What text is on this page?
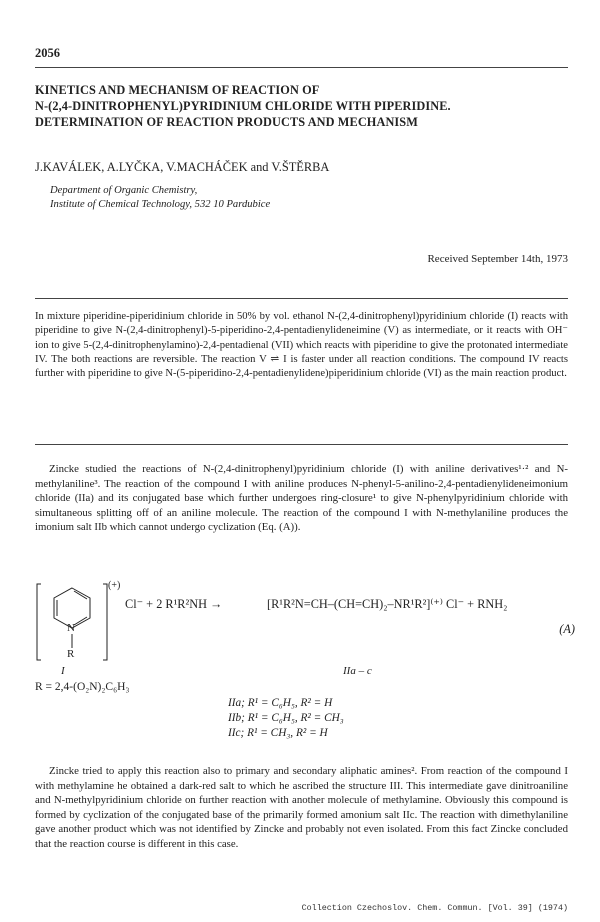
2056
KINETICS AND MECHANISM OF REACTION OF
N-(2,4-DINITROPHENYL)PYRIDINIUM CHLORIDE WITH PIPERIDINE.
DETERMINATION OF REACTION PRODUCTS AND MECHANISM
J.KAVÁLEK, A.LYČKA, V.MACHÁČEK and V.ŠTĚRBA
Department of Organic Chemistry,
Institute of Chemical Technology, 532 10 Pardubice
Received September 14th, 1973
In mixture piperidine-piperidinium chloride in 50% by vol. ethanol N-(2,4-dinitrophenyl)pyridinium chloride (I) reacts with piperidine to give N-(2,4-dinitrophenyl)-5-piperidino-2,4-pentadienylideneimine (V) as intermediate, or it reacts with OH⁻ ion to give 5-(2,4-dinitrophenylamino)-2,4-pentadienal (VII) which reacts with piperidine to give the protonated intermediate IV. The both reactions are reversible. The reaction V ⇌ I is faster under all reaction conditions. The compound IV reacts further with piperidine to give N-(5-piperidino-2,4-pentadienylidene)piperidinium chloride (VI) as the main reaction product.
Zincke studied the reactions of N-(2,4-dinitrophenyl)pyridinium chloride (I) with aniline derivatives¹·² and N-methylaniline³. The reaction of the compound I with aniline produces N-phenyl-5-anilino-2,4-pentadienylideneimonium chloride (IIa) and its conjugated base which further undergoes ring-closure¹ to give N-phenylpyridinium chloride with simultaneous splitting off of an aniline molecule. The reaction of the compound I with N-methylaniline produces the imonium salt IIb which cannot undergo cyclization (Eq. (A)).
(+)
N
R
Cl⁻ + 2 R¹R²NH →	[R¹R²N=CH–(CH=CH)₂–NR¹R²]⁽⁺⁾ Cl⁻ + RNH₂
(A)
I	IIa – c
R = 2,4-(O₂N)₂C₆H₃
IIa; R¹ = C₆H₅, R² = H
IIb; R¹ = C₆H₅, R² = CH₃
IIc; R¹ = CH₃, R² = H
Zincke tried to apply this reaction also to primary and secondary aliphatic amines². From reaction of the compound I with methylamine he obtained a dark-red salt to which he ascribed the structure III. This intermediate gave dinitroaniline and N-methylpyridinium chloride on further reaction with another molecule of methylamine. Obviously this compound is formed by cyclization of the conjugated base of the primarily formed amonium salt IIc. The reaction with dimethylaniline gave another product which was not identified by Zincke and probably not even isolated. From this fact Zincke concluded that the reaction course is different in this case.
Collection Czechoslov. Chem. Commun. [Vol. 39] (1974)
